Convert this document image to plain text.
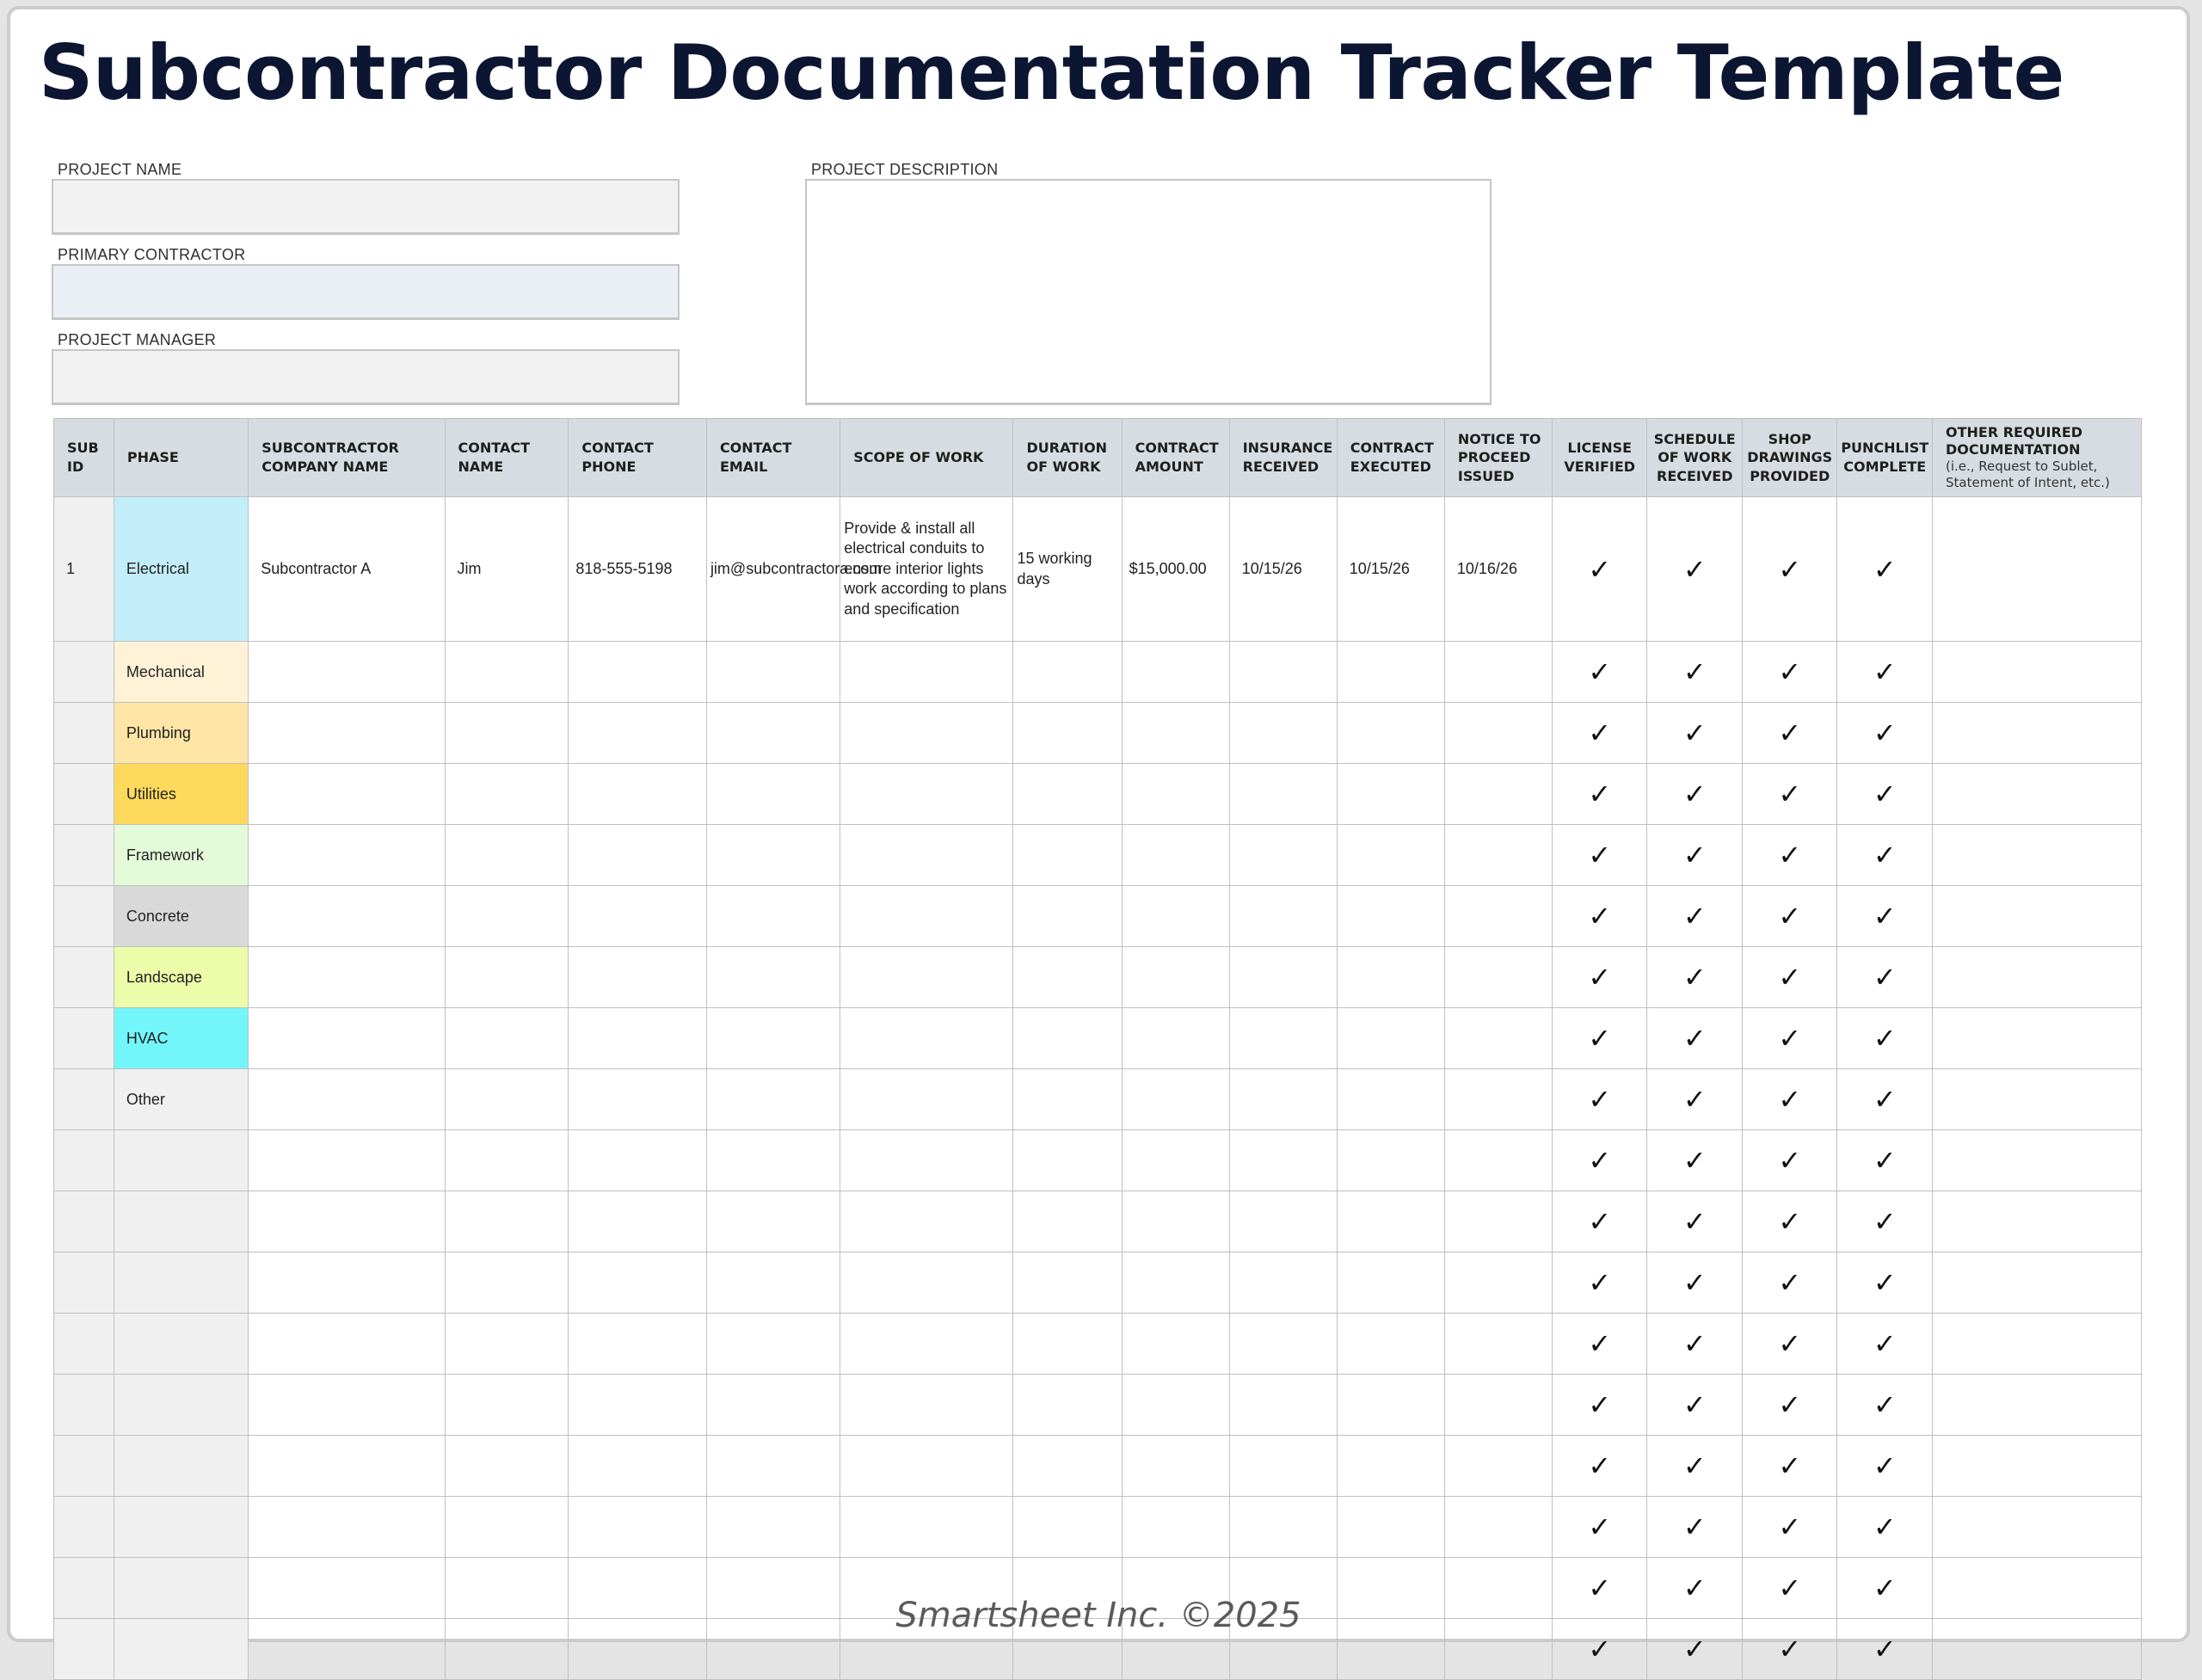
Subcontractor Documentation Tracker Template
PROJECT NAME
PRIMARY CONTRACTOR
PROJECT MANAGER
PROJECT DESCRIPTION
SUB ID	PHASE	SUBCONTRACTOR COMPANY NAME	CONTACT NAME	CONTACT PHONE	CONTACT EMAIL	SCOPE OF WORK	DURATION OF WORK	CONTRACT AMOUNT	INSURANCE RECEIVED	CONTRACT EXECUTED	NOTICE TO PROCEED ISSUED	LICENSE VERIFIED	SCHEDULE OF WORK RECEIVED	SHOP DRAWINGS PROVIDED	PUNCHLIST COMPLETE	OTHER REQUIRED DOCUMENTATION
(i.e., Request to Sublet, Statement of Intent, etc.)

1	Electrical	Subcontractor A	Jim	818-555-5198	jim@subcontractora.com	Provide & install all electrical conduits to ensure interior lights work according to plans and specification	15 working days	$15,000.00	10/15/26	10/15/26	10/16/26	✓	✓	✓	✓	
	Mechanical											✓	✓	✓	✓	
	Plumbing											✓	✓	✓	✓	
	Utilities											✓	✓	✓	✓	
	Framework											✓	✓	✓	✓	
	Concrete											✓	✓	✓	✓	
	Landscape											✓	✓	✓	✓	
	HVAC											✓	✓	✓	✓	
	Other											✓	✓	✓	✓	
												✓	✓	✓	✓	
												✓	✓	✓	✓	
												✓	✓	✓	✓	
												✓	✓	✓	✓	
												✓	✓	✓	✓	
												✓	✓	✓	✓	
												✓	✓	✓	✓	
												✓	✓	✓	✓	
												✓	✓	✓	✓	
Smartsheet Inc. ©2025
